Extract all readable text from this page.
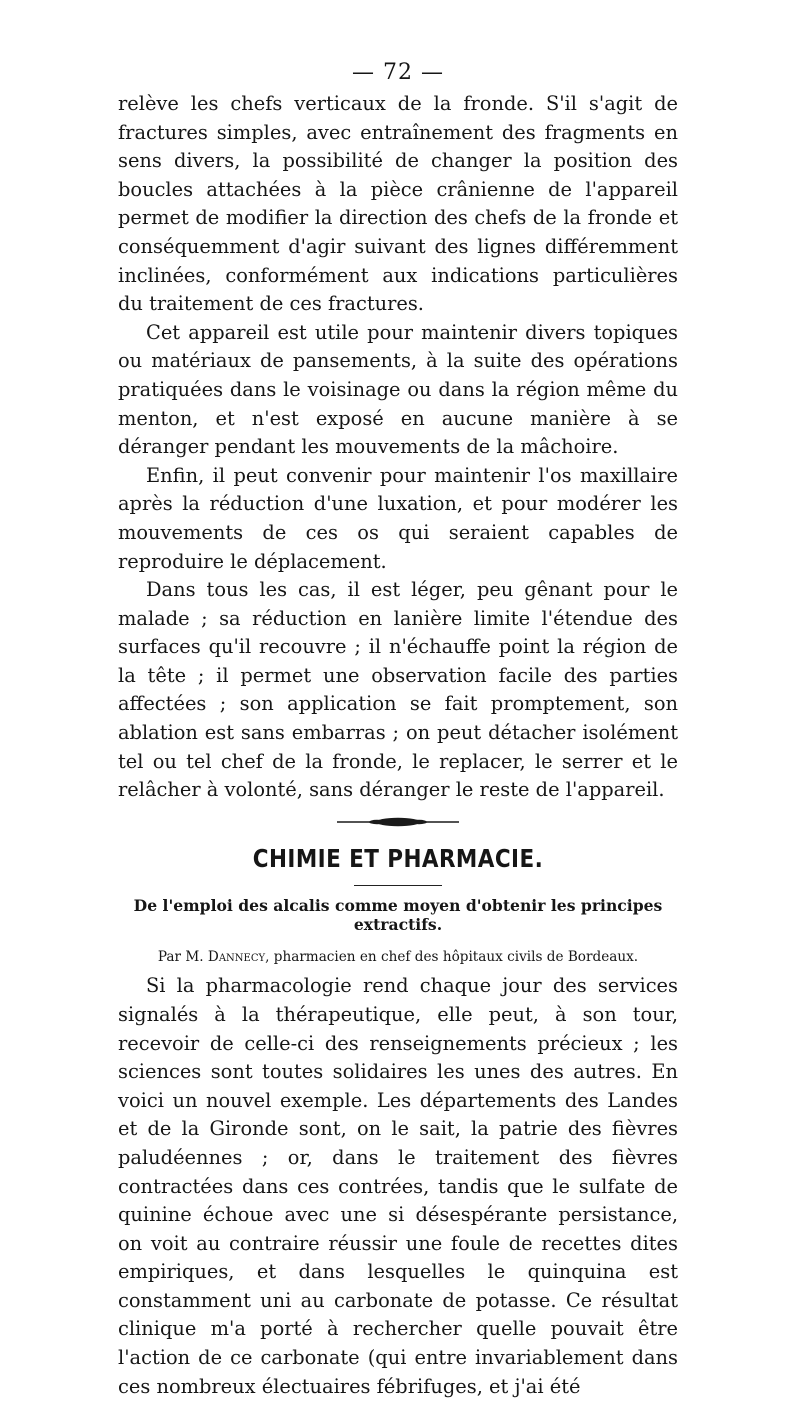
— 72 —

relève les chefs verticaux de la fronde. S'il s'agit de fractures simples, avec entraînement des fragments en sens divers, la possibilité de changer la position des boucles attachées à la pièce crânienne de l'appareil permet de modifier la direction des chefs de la fronde et conséquemment d'agir suivant des lignes différemment inclinées, conformément aux indications particulières du traitement de ces fractures.

Cet appareil est utile pour maintenir divers topiques ou matériaux de pansements, à la suite des opérations pratiquées dans le voisinage ou dans la région même du menton, et n'est exposé en aucune manière à se déranger pendant les mouvements de la mâchoire.

Enfin, il peut convenir pour maintenir l'os maxillaire après la réduction d'une luxation, et pour modérer les mouvements de ces os qui seraient capables de reproduire le déplacement.

Dans tous les cas, il est léger, peu gênant pour le malade ; sa réduction en lanière limite l'étendue des surfaces qu'il recouvre ; il n'échauffe point la région de la tête ; il permet une observation facile des parties affectées ; son application se fait promptement, son ablation est sans embarras ; on peut détacher isolément tel ou tel chef de la fronde, le replacer, le serrer et le relâcher à volonté, sans déranger le reste de l'appareil.

CHIMIE ET PHARMACIE.
De l'emploi des alcalis comme moyen d'obtenir les principes
extractifs.
Par M. Dannecy, pharmacien en chef des hôpitaux civils de Bordeaux.

Si la pharmacologie rend chaque jour des services signalés à la thérapeutique, elle peut, à son tour, recevoir de celle-ci des renseignements précieux ; les sciences sont toutes solidaires les unes des autres. En voici un nouvel exemple. Les départements des Landes et de la Gironde sont, on le sait, la patrie des fièvres paludéennes ; or, dans le traitement des fièvres contractées dans ces contrées, tandis que le sulfate de quinine échoue avec une si désespérante persistance, on voit au contraire réussir une foule de recettes dites empiriques, et dans lesquelles le quinquina est constamment uni au carbonate de potasse. Ce résultat clinique m'a porté à rechercher quelle pouvait être l'action de ce carbonate (qui entre invariablement dans ces nombreux électuaires fébrifuges, et j'ai été
